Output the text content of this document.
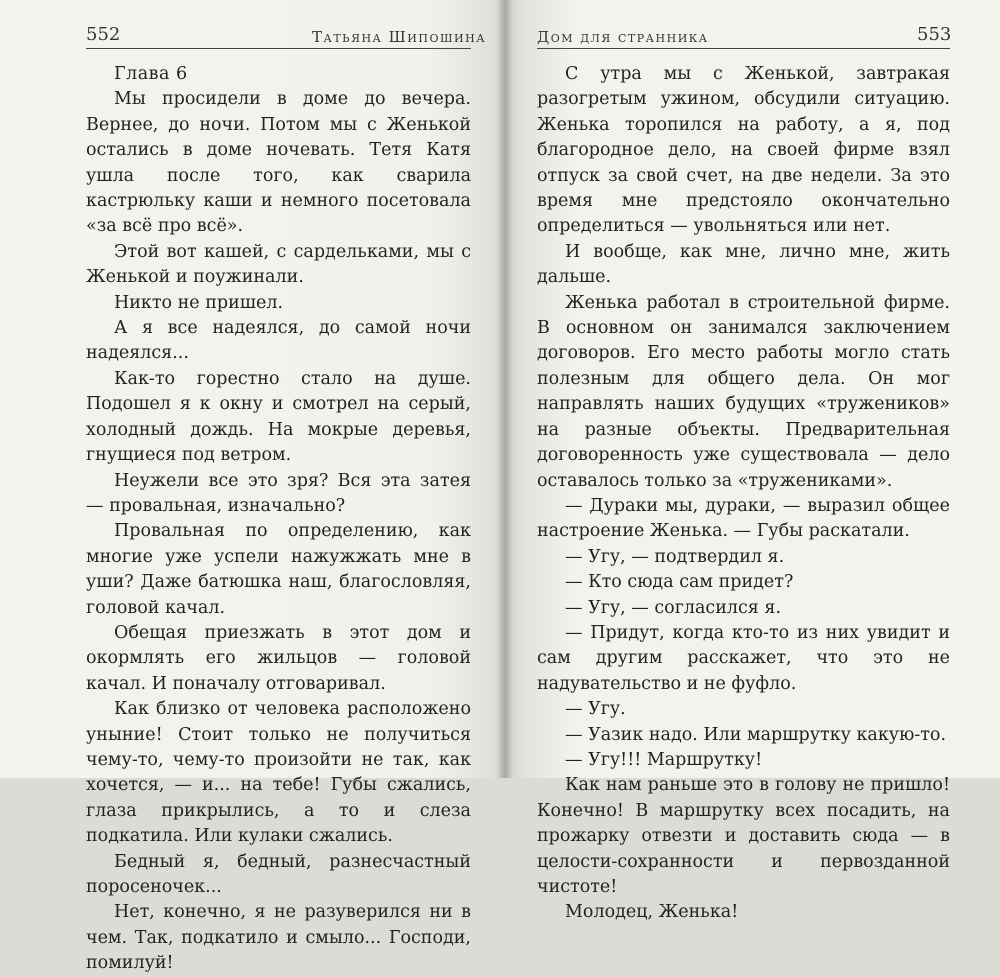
552	Татьяна Шипошина

Глава 6

Мы просидели в доме до вечера. Вернее, до ночи. Потом мы с Женькой остались в доме ночевать. Тетя Катя ушла после того, как сварила кастрюльку каши и немного посетовала «за всё про всё».

Этой вот кашей, с сардельками, мы с Женькой и поужинали.

Никто не пришел.

А я все надеялся, до самой ночи надеялся...

Как-то горестно стало на душе. Подошел я к окну и смотрел на серый, холодный дождь. На мокрые деревья, гнущиеся под ветром.

Неужели все это зря? Вся эта затея — провальная, изначально?

Провальная по определению, как многие уже успели нажужжать мне в уши? Даже батюшка наш, благословляя, головой качал.

Обещая приезжать в этот дом и окормлять его жильцов — головой качал. И поначалу отговаривал.

Как близко от человека расположено уныние! Стоит только не получиться чему-то, чему-то произойти не так, как хочется, — и... на тебе! Губы сжались, глаза прикрылись, а то и слеза подкатила. Или кулаки сжались.

Бедный я, бедный, разнесчастный поросеночек...

Нет, конечно, я не разуверился ни в чем. Так, подкатило и смыло... Господи, помилуй!

Дом для странника	553

С утра мы с Женькой, завтракая разогретым ужином, обсудили ситуацию. Женька торопился на работу, а я, под благородное дело, на своей фирме взял отпуск за свой счет, на две недели. За это время мне предстояло окончательно определиться — увольняться или нет.

И вообще, как мне, лично мне, жить дальше.

Женька работал в строительной фирме. В основном он занимался заключением договоров. Его место работы могло стать полезным для общего дела. Он мог направлять наших будущих «тружеников» на разные объекты. Предварительная договоренность уже существовала — дело оставалось только за «тружениками».

— Дураки мы, дураки, — выразил общее настроение Женька. — Губы раскатали.

— Угу, — подтвердил я.

— Кто сюда сам придет?

— Угу, — согласился я.

— Придут, когда кто-то из них увидит и сам другим расскажет, что это не надувательство и не фуфло.

— Угу.

— Уазик надо. Или маршрутку какую-то.

— Угу!!! Маршрутку!

Как нам раньше это в голову не пришло! Конечно! В маршрутку всех посадить, на прожарку отвезти и доставить сюда — в целости-сохранности и первозданной чистоте!

Молодец, Женька!
